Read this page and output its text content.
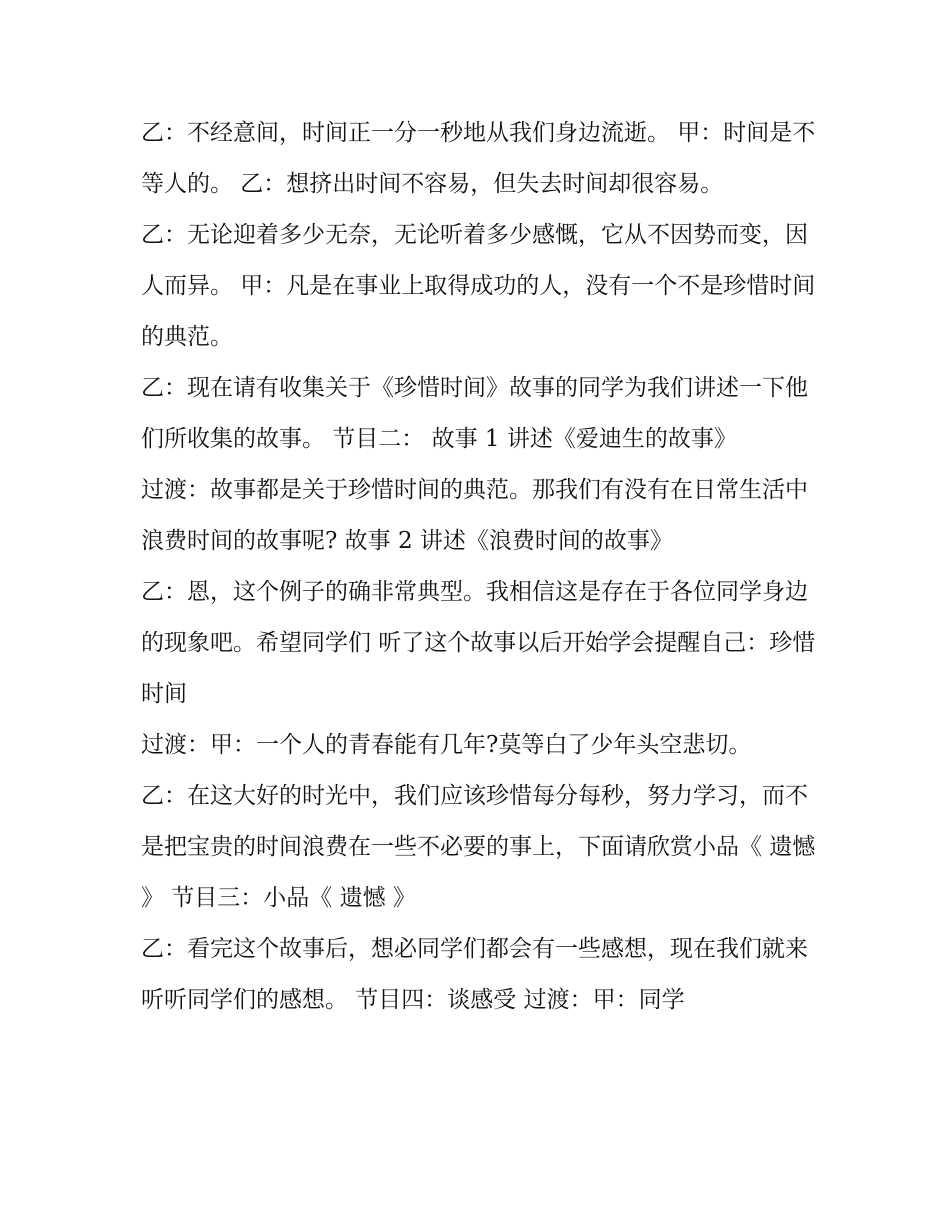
乙：不经意间，时间正一分一秒地从我们身边流逝。 甲：时间是不等人的。 乙：想挤出时间不容易，但失去时间却很容易。

乙：无论迎着多少无奈，无论听着多少感慨，它从不因势而变，因人而异。 甲：凡是在事业上取得成功的人，没有一个不是珍惜时间的典范。

乙：现在请有收集关于《珍惜时间》故事的同学为我们讲述一下他们所收集的故事。 节目二： 故事 1 讲述《爱迪生的故事》

过渡：故事都是关于珍惜时间的典范。那我们有没有在日常生活中浪费时间的故事呢? 故事 2 讲述《浪费时间的故事》

乙：恩，这个例子的确非常典型。我相信这是存在于各位同学身边的现象吧。希望同学们 听了这个故事以后开始学会提醒自己：珍惜时间

过渡：甲：一个人的青春能有几年?莫等白了少年头空悲切。

乙：在这大好的时光中，我们应该珍惜每分每秒，努力学习，而不是把宝贵的时间浪费在一些不必要的事上，下面请欣赏小品《 遗憾 》 节目三：小品《 遗憾 》

乙：看完这个故事后，想必同学们都会有一些感想，现在我们就来听听同学们的感想。 节目四：谈感受 过渡：甲：同学
